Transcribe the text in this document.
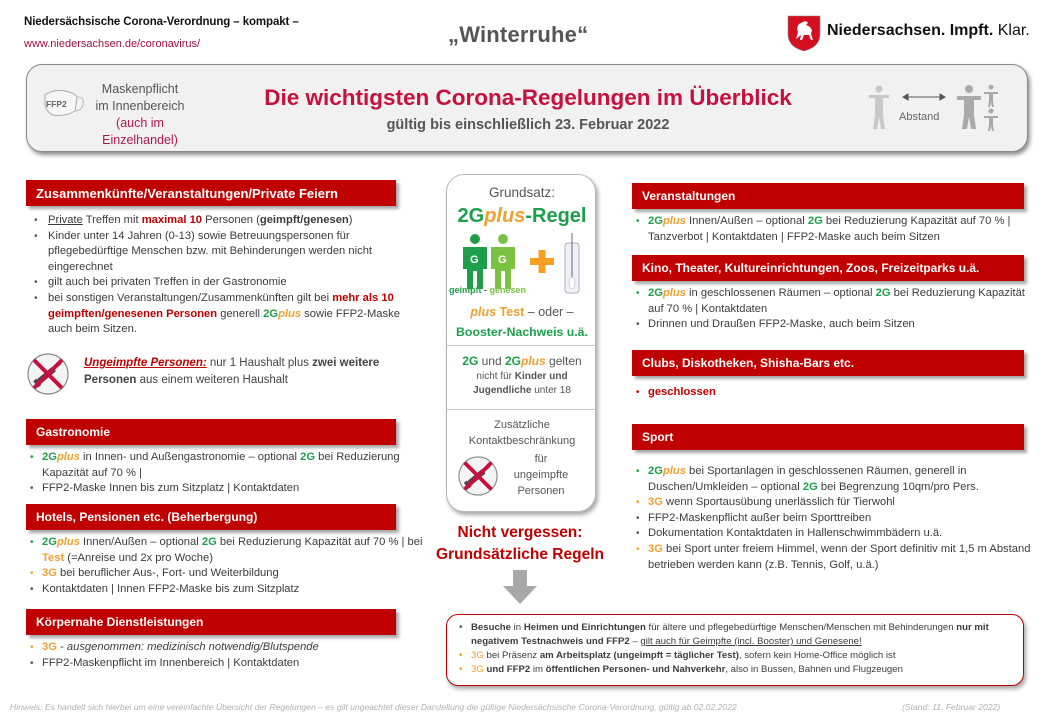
Niedersächsische Corona-Verordnung – kompakt –
www.niedersachsen.de/coronavirus/	„Winterruhe“	Niedersachsen. Impft. Klar.
FFP2
Maskenpflicht
im Innenbereich
(auch im Einzelhandel)
Die wichtigsten Corona-Regelungen im Überblick
gültig bis einschließlich 23. Februar 2022	Abstand
Zusammenkünfte/Veranstaltungen/Private Feiern
• Private Treffen mit maximal 10 Personen (geimpft/genesen)
• Kinder unter 14 Jahren (0-13) sowie Betreuungspersonen für pflegebedürftige Menschen bzw. mit Behinderungen werden nicht eingerechnet
• gilt auch bei privaten Treffen in der Gastronomie
• bei sonstigen Veranstaltungen/Zusammenkünften gilt bei mehr als 10 geimpften/genesenen Personen generell 2Gplus sowie FFP2-Maske auch beim Sitzen.
Ungeimpfte Personen: nur 1 Haushalt plus zwei weitere Personen aus einem weiteren Haushalt
Gastronomie
• 2Gplus in Innen- und Außengastronomie – optional 2G bei Reduzierung Kapazität auf 70 % |
• FFP2-Maske Innen bis zum Sitzplatz | Kontaktdaten
Hotels, Pensionen etc. (Beherbergung)
• 2Gplus Innen/Außen – optional 2G bei Reduzierung Kapazität auf 70 % | bei Test (=Anreise und 2x pro Woche)
• 3G bei beruflicher Aus-, Fort- und Weiterbildung
• Kontaktdaten | Innen FFP2-Maske bis zum Sitzplatz
Körpernahe Dienstleistungen
• 3G - ausgenommen: medizinisch notwendig/Blutspende
• FFP2-Maskenpflicht im Innenbereich | Kontaktdaten
Grundsatz:
2Gplus-Regel
G G
geimpft - genesen
plus Test – oder –
Booster-Nachweis u.ä.
2G und 2Gplus gelten
nicht für Kinder und Jugendliche unter 18
Zusätzliche
Kontaktbeschränkung
für
ungeimpfte
Personen
Nicht vergessen:
Grundsätzliche Regeln
Veranstaltungen
• 2Gplus Innen/Außen – optional 2G bei Reduzierung Kapazität auf 70 % | Tanzverbot | Kontaktdaten | FFP2-Maske auch beim Sitzen
Kino, Theater, Kultureinrichtungen, Zoos, Freizeitparks u.ä.
• 2Gplus in geschlossenen Räumen – optional 2G bei Reduzierung Kapazität auf 70 % | Kontaktdaten
• Drinnen und Draußen FFP2-Maske, auch beim Sitzen
Clubs, Diskotheken, Shisha-Bars etc.
• geschlossen
Sport
• 2Gplus bei Sportanlagen in geschlossenen Räumen, generell in Duschen/Umkleiden – optional 2G bei Begrenzung 10qm/pro Pers.
• 3G wenn Sportausübung unerlässlich für Tierwohl
• FFP2-Maskenpflicht außer beim Sporttreiben
• Dokumentation Kontaktdaten in Hallenschwimmbädern u.ä.
• 3G bei Sport unter freiem Himmel, wenn der Sport definitiv mit 1,5 m Abstand betrieben werden kann (z.B. Tennis, Golf, u.ä.)
• Besuche in Heimen und Einrichtungen für ältere und pflegebedürftige Menschen/Menschen mit Behinderungen nur mit negativem Testnachweis und FFP2 – gilt auch für Geimpfte (incl. Booster) und Genesene!
• 3G bei Präsenz am Arbeitsplatz (ungeimpft = täglicher Test), sofern kein Home-Office möglich ist
• 3G und FFP2 im öffentlichen Personen- und Nahverkehr, also in Bussen, Bahnen und Flugzeugen
Hinweis: Es handelt sich hierbei um eine vereinfachte Übersicht der Regelungen – es gilt ungeachtet dieser Darstellung die gültige Niedersächsische Corona-Verordnung, gültig ab 02.02.2022	(Stand: 11. Februar 2022)
